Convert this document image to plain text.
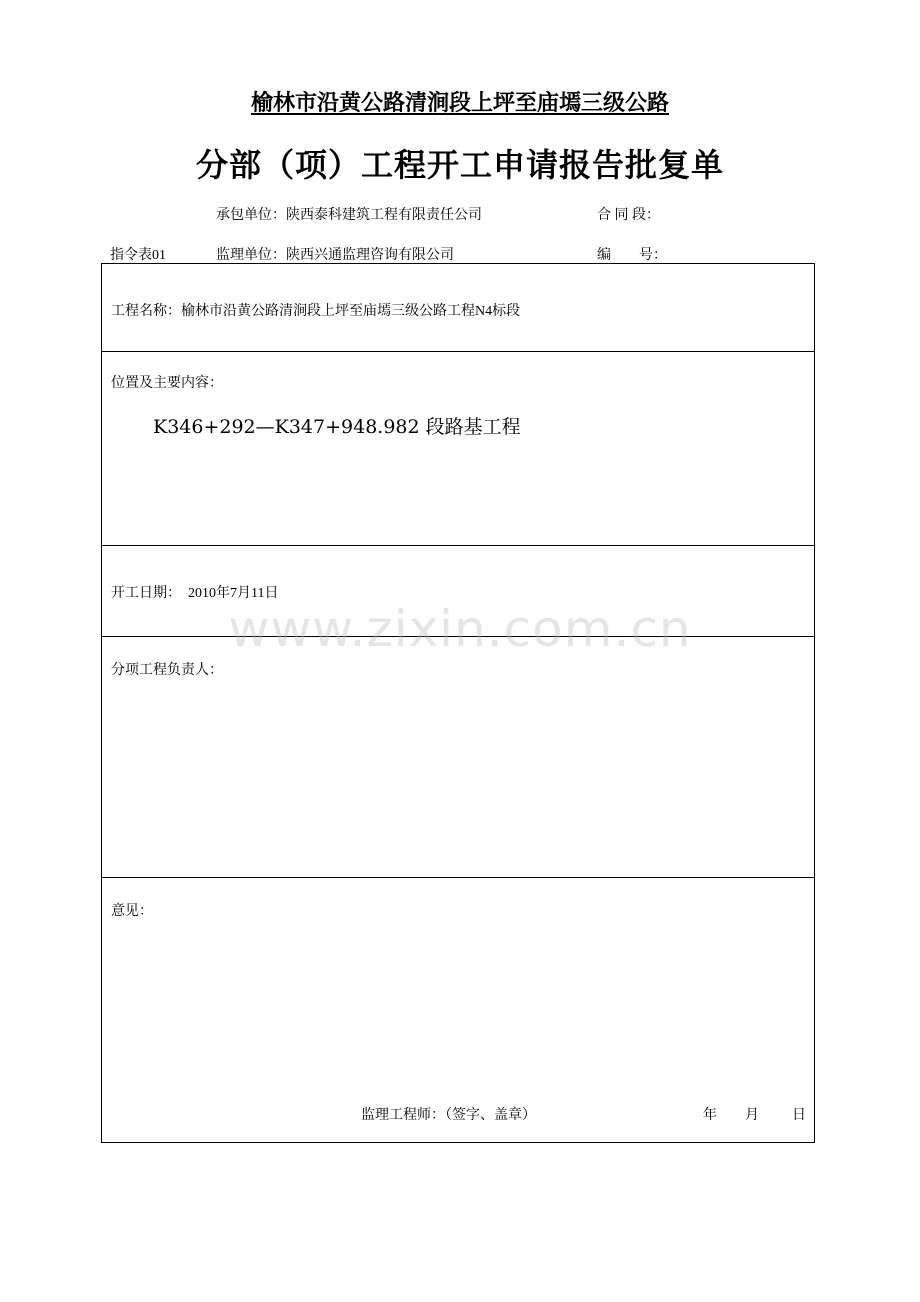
榆林市沿黄公路清涧段上坪至庙墕三级公路
分部（项）工程开工申请报告批复单
承包单位：陕西泰科建筑工程有限责任公司	合 同 段：
指令表01	监理单位：陕西兴通监理咨询有限公司	编　　号：
工程名称：榆林市沿黄公路清涧段上坪至庙墕三级公路工程N4标段
位置及主要内容：
K346+292—K347+948.982 段路基工程
开工日期： 2010年7月11日
分项工程负责人：
意见：
监理工程师：（签字、盖章）	年 月 日
www.zixin.com.cn
